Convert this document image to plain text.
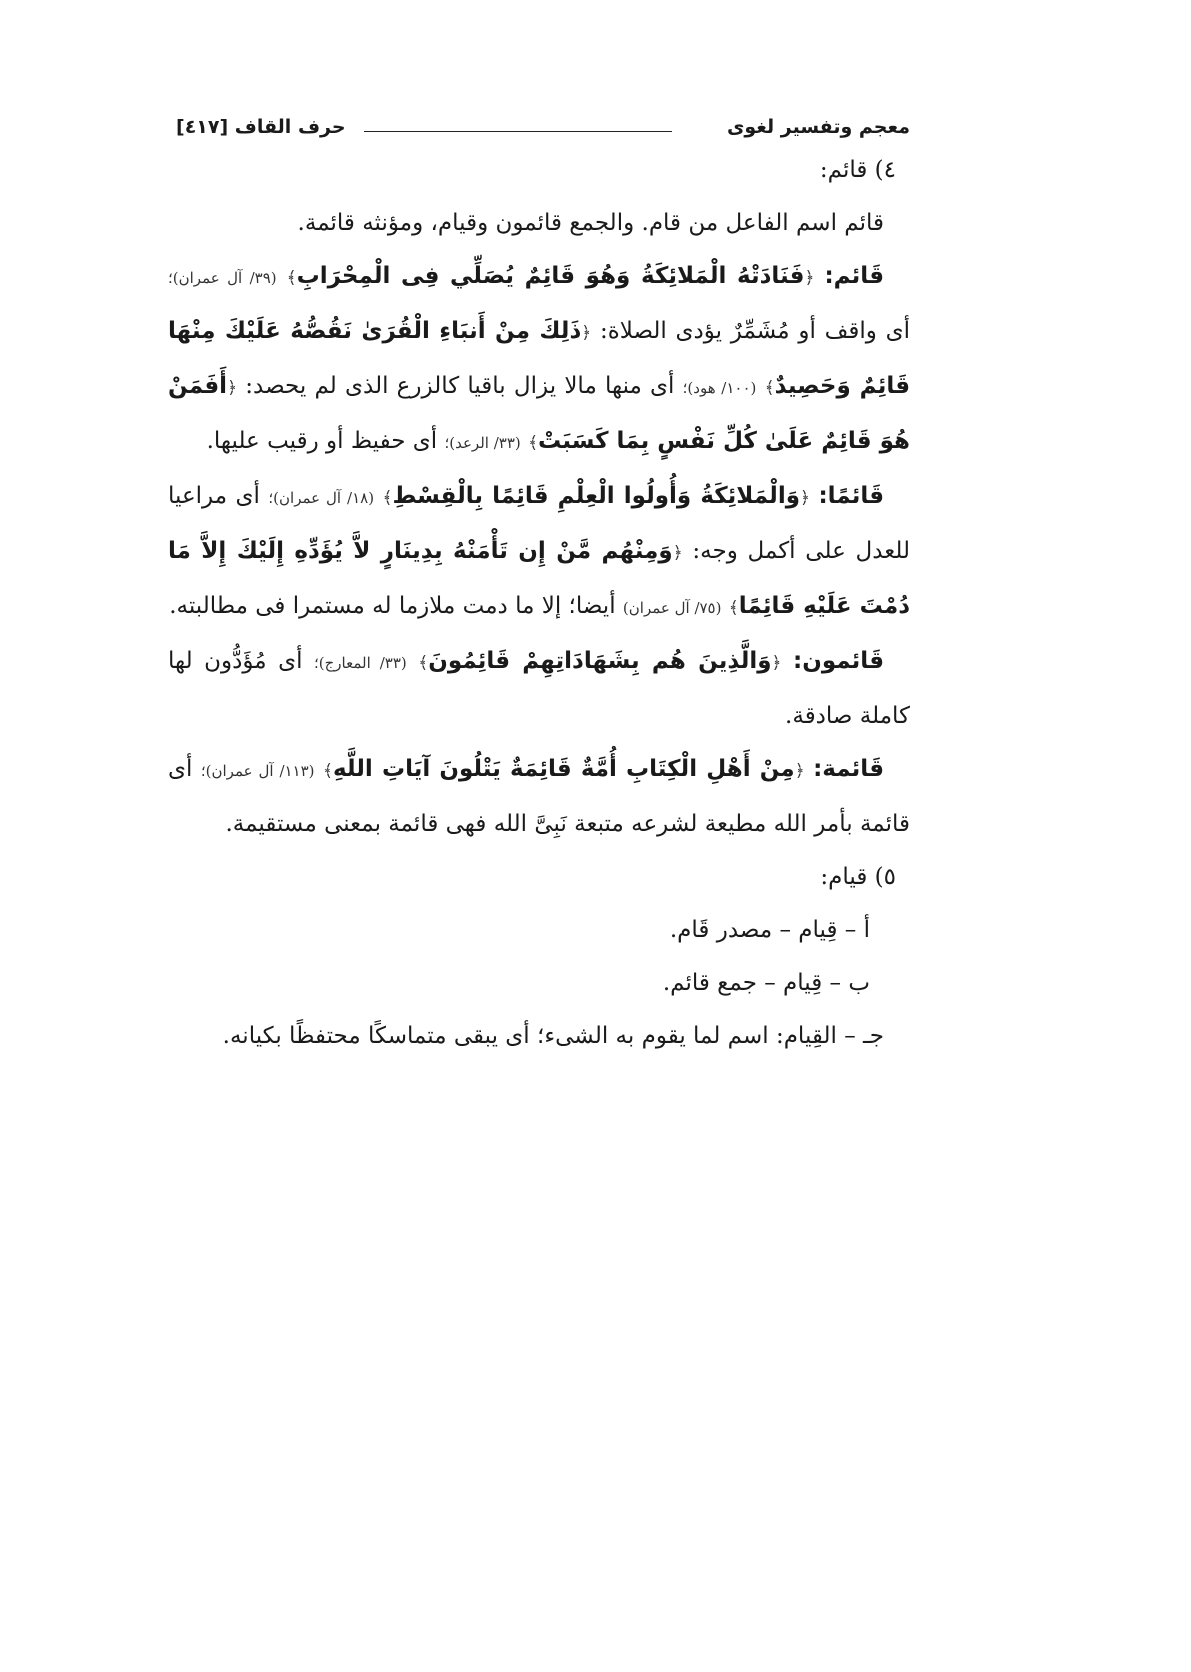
معجم وتفسير لغوى
حرف القاف [٤١٧]

٤) قائم:

قائم اسم الفاعل من قام. والجمع قائمون وقيام، ومؤنثه قائمة.

قَائم: ﴿فَنَادَتْهُ الْمَلائِكَةُ وَهُوَ قَائِمٌ يُصَلِّي فِى الْمِحْرَابِ﴾ (٣٩/ آل عمران)؛ أى واقف أو مُشَمِّرٌ يؤدى الصلاة: ﴿ذَلِكَ مِنْ أَنبَاءِ الْقُرَىٰ نَقُصُّهُ عَلَيْكَ مِنْهَا قَائِمٌ وَحَصِيدٌ﴾ (١٠٠/ هود)؛ أى منها مالا يزال باقيا كالزرع الذى لم يحصد: ﴿أَفَمَنْ هُوَ قَائِمٌ عَلَىٰ كُلِّ نَفْسٍ بِمَا كَسَبَتْ﴾ (٣٣/ الرعد)؛ أى حفيظ أو رقيب عليها.

قَائمًا: ﴿وَالْمَلائِكَةُ وَأُولُوا الْعِلْمِ قَائِمًا بِالْقِسْطِ﴾ (١٨/ آل عمران)؛ أى مراعيا للعدل على أكمل وجه: ﴿وَمِنْهُم مَّنْ إِن تَأْمَنْهُ بِدِينَارٍ لاَّ يُؤَدِّهِ إِلَيْكَ إِلاَّ مَا دُمْتَ عَلَيْهِ قَائِمًا﴾ (٧٥/ آل عمران) أيضا؛ إلا ما دمت ملازما له مستمرا فى مطالبته.

قَائمون: ﴿وَالَّذِينَ هُم بِشَهَادَاتِهِمْ قَائِمُونَ﴾ (٣٣/ المعارج)؛ أى مُؤَدُّون لها كاملة صادقة.

قَائمة: ﴿مِنْ أَهْلِ الْكِتَابِ أُمَّةٌ قَائِمَةٌ يَتْلُونَ آيَاتِ اللَّهِ﴾ (١١٣/ آل عمران)؛ أى قائمة بأمر الله مطيعة لشرعه متبعة نَبِىَّ الله فهى قائمة بمعنى مستقيمة.

٥) قيام:

أ – قِيام – مصدر قَام.

ب – قِيام – جمع قائم.

جـ – القِيام: اسم لما يقوم به الشىء؛ أى يبقى متماسكًا محتفظًا بكيانه.
